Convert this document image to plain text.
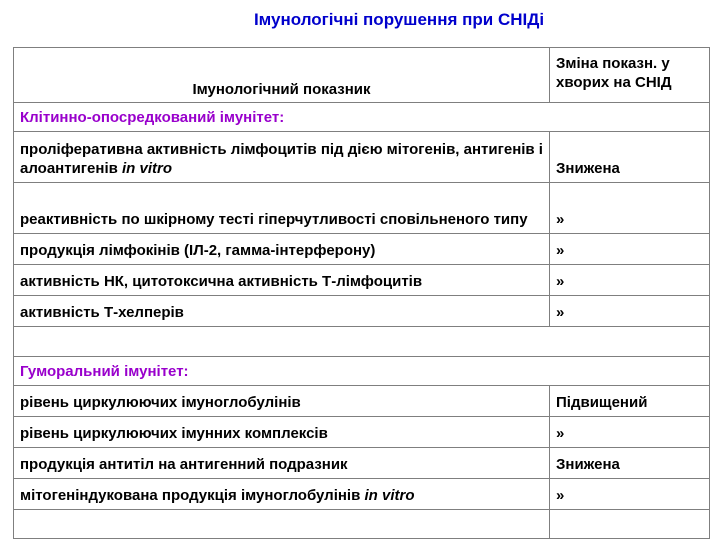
Імунологічні порушення при СНІДі
Імунологічний показник	Зміна показн. у хворих на СНІД
Клітинно-опосредкований імунітет:	
проліферативна активність лімфоцитів під дією мітогенів, антигенів і алоантигенів in vitro	Знижена
реактивність по шкірному тесті гіперчутливості сповільненого типу	»
продукція лімфокінів (ІЛ-2, гамма-інтерферону)	»
активність НК, цитотоксична активність Т-лімфоцитів	»
активність Т-хелперів	»

Гуморальний імунітет:	
рівень циркулюючих імуноглобулінів	Підвищений
рівень циркулюючих імунних комплексів	»
продукція антитіл на антигенний подразник	Знижена
мітогеніндукована продукція імуноглобулінів in vitro	»
